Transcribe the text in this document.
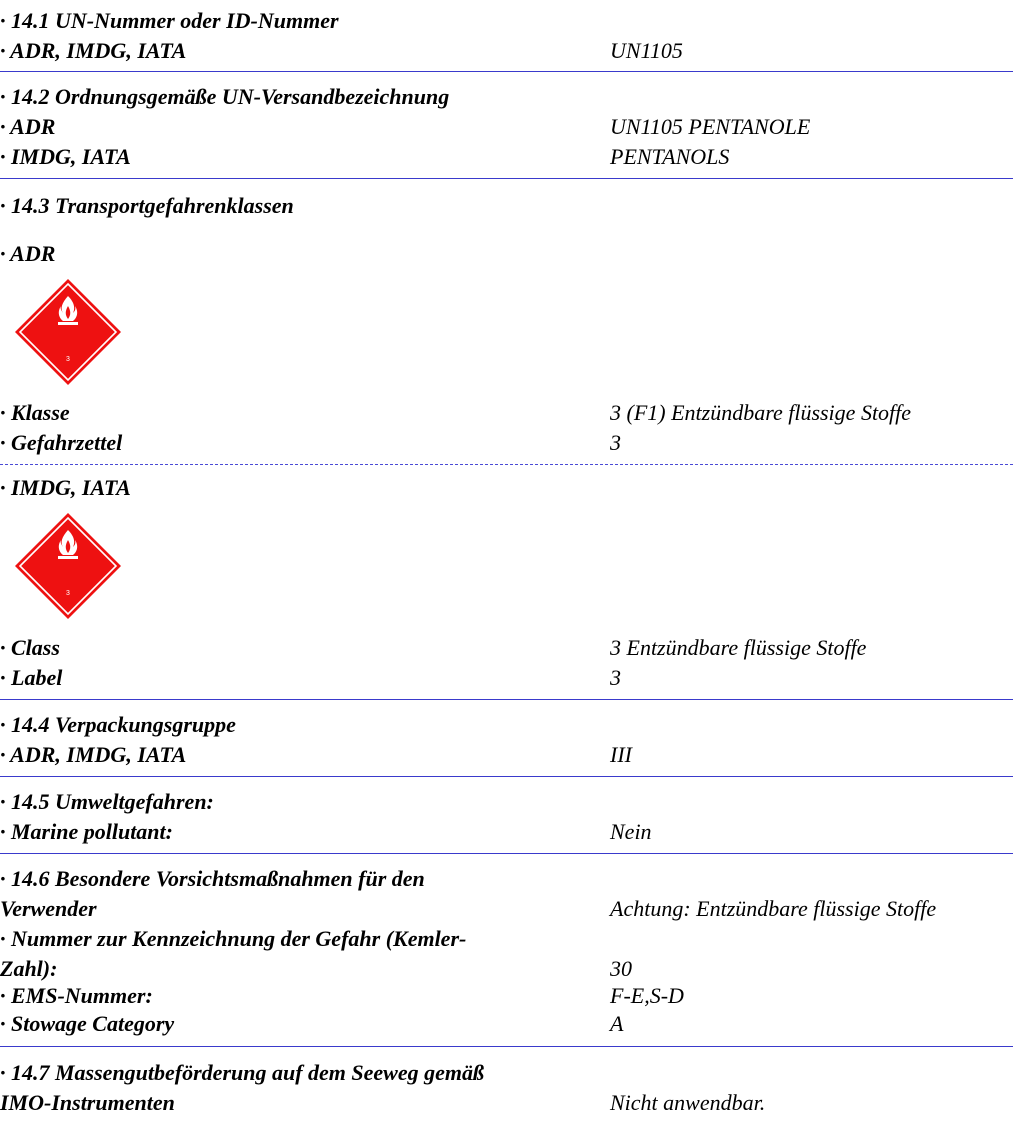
· 14.1 UN-Nummer oder ID-Nummer
· ADR, IMDG, IATA	UN1105
· 14.2 Ordnungsgemäße UN-Versandbezeichnung
· ADR	UN1105 PENTANOLE
· IMDG, IATA	PENTANOLS
· 14.3 Transportgefahrenklassen
· ADR
3
· Klasse	3 (F1) Entzündbare flüssige Stoffe
· Gefahrzettel	3
· IMDG, IATA
3
· Class	3 Entzündbare flüssige Stoffe
· Label	3
· 14.4 Verpackungsgruppe
· ADR, IMDG, IATA	III
· 14.5 Umweltgefahren:
· Marine pollutant:	Nein
· 14.6 Besondere Vorsichtsmaßnahmen für den
Verwender	Achtung: Entzündbare flüssige Stoffe
· Nummer zur Kennzeichnung der Gefahr (Kemler-
Zahl):	30
· EMS-Nummer:	F-E,S-D
· Stowage Category	A
· 14.7 Massengutbeförderung auf dem Seeweg gemäß
IMO-Instrumenten	Nicht anwendbar.
